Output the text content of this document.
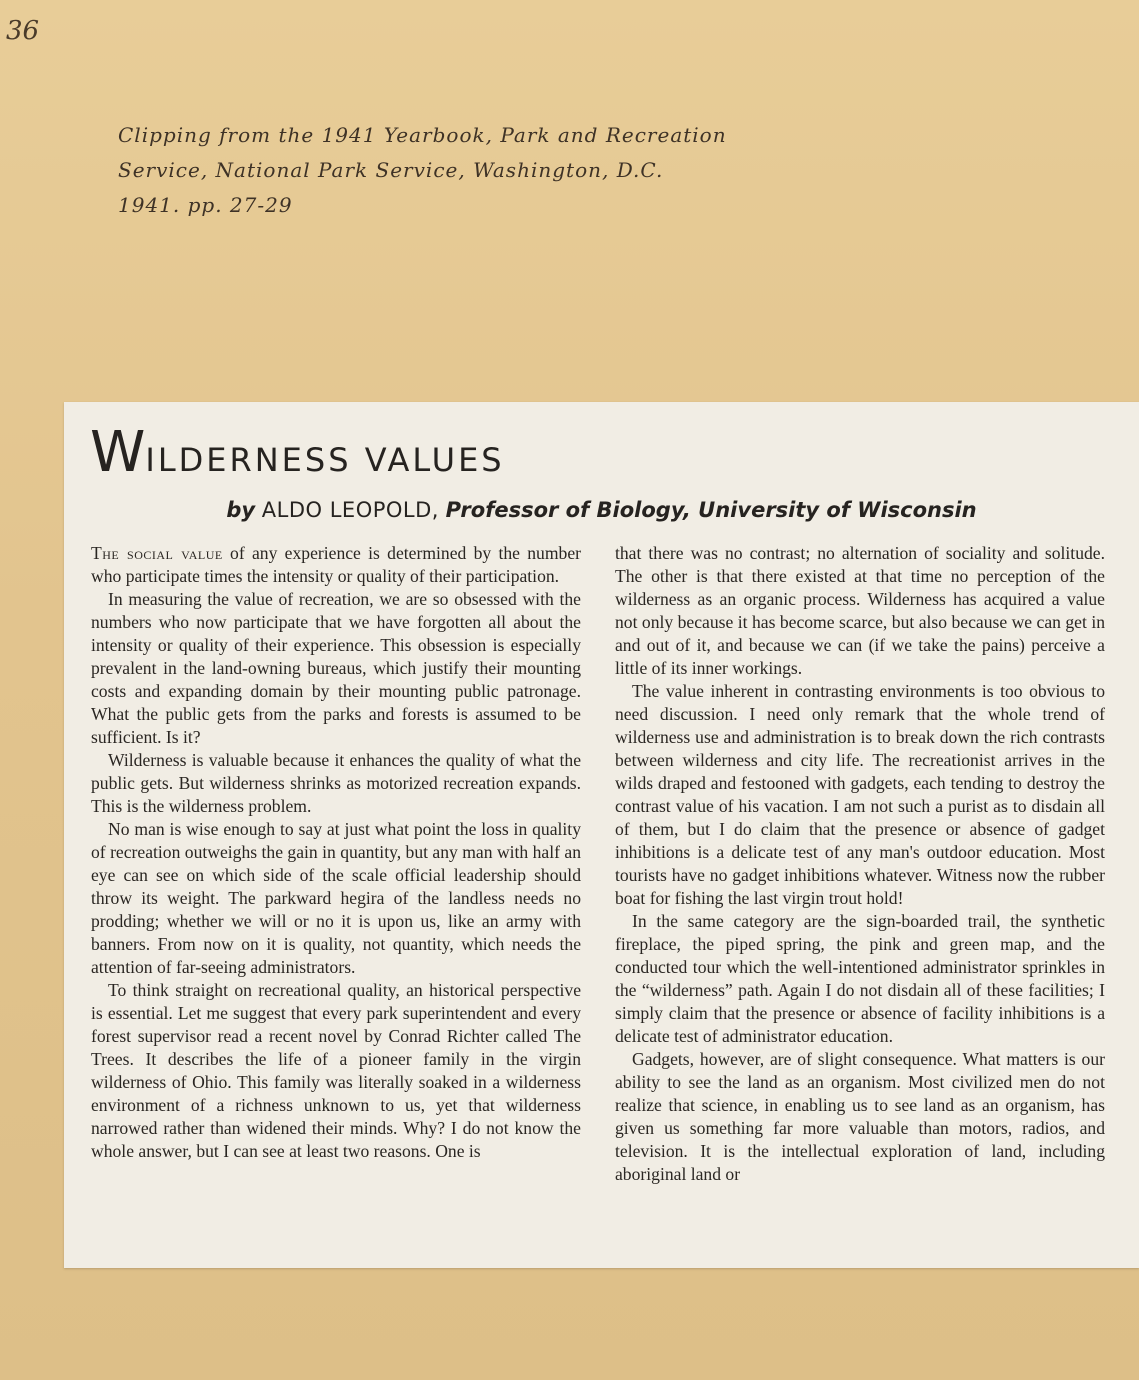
36
Clipping from the 1941 Yearbook, Park and Recreation
Service, National Park Service, Washington, D.C.
1941. pp. 27-29
WILDERNESS VALUES
by ALDO LEOPOLD, Professor of Biology, University of Wisconsin

The social value of any experience is determined by the number who participate times the intensity or quality of their participation.

In measuring the value of recreation, we are so obsessed with the numbers who now participate that we have forgotten all about the intensity or quality of their experience. This obsession is especially prevalent in the land-owning bureaus, which justify their mounting costs and expanding domain by their mounting public patronage. What the public gets from the parks and forests is assumed to be sufficient. Is it?

Wilderness is valuable because it enhances the quality of what the public gets. But wilderness shrinks as motorized recreation expands. This is the wilderness problem.

No man is wise enough to say at just what point the loss in quality of recreation outweighs the gain in quantity, but any man with half an eye can see on which side of the scale official leadership should throw its weight. The parkward hegira of the landless needs no prodding; whether we will or no it is upon us, like an army with banners. From now on it is quality, not quantity, which needs the attention of far-seeing administrators.

To think straight on recreational quality, an historical perspective is essential. Let me suggest that every park superintendent and every forest supervisor read a recent novel by Conrad Richter called The Trees. It describes the life of a pioneer family in the virgin wilderness of Ohio. This family was literally soaked in a wilderness environment of a richness unknown to us, yet that wilderness narrowed rather than widened their minds. Why? I do not know the whole answer, but I can see at least two reasons. One is

that there was no contrast; no alternation of sociality and solitude. The other is that there existed at that time no perception of the wilderness as an organic process. Wilderness has acquired a value not only because it has become scarce, but also because we can get in and out of it, and because we can (if we take the pains) perceive a little of its inner workings.

The value inherent in contrasting environments is too obvious to need discussion. I need only remark that the whole trend of wilderness use and administration is to break down the rich contrasts between wilderness and city life. The recreationist arrives in the wilds draped and festooned with gadgets, each tending to destroy the contrast value of his vacation. I am not such a purist as to disdain all of them, but I do claim that the presence or absence of gadget inhibitions is a delicate test of any man's outdoor education. Most tourists have no gadget inhibitions whatever. Witness now the rubber boat for fishing the last virgin trout hold!

In the same category are the sign-boarded trail, the synthetic fireplace, the piped spring, the pink and green map, and the conducted tour which the well-intentioned administrator sprinkles in the “wilderness” path. Again I do not disdain all of these facilities; I simply claim that the presence or absence of facility inhibitions is a delicate test of administrator education.

Gadgets, however, are of slight consequence. What matters is our ability to see the land as an organism. Most civilized men do not realize that science, in enabling us to see land as an organism, has given us something far more valuable than motors, radios, and television. It is the intellectual exploration of land, including aboriginal land or
